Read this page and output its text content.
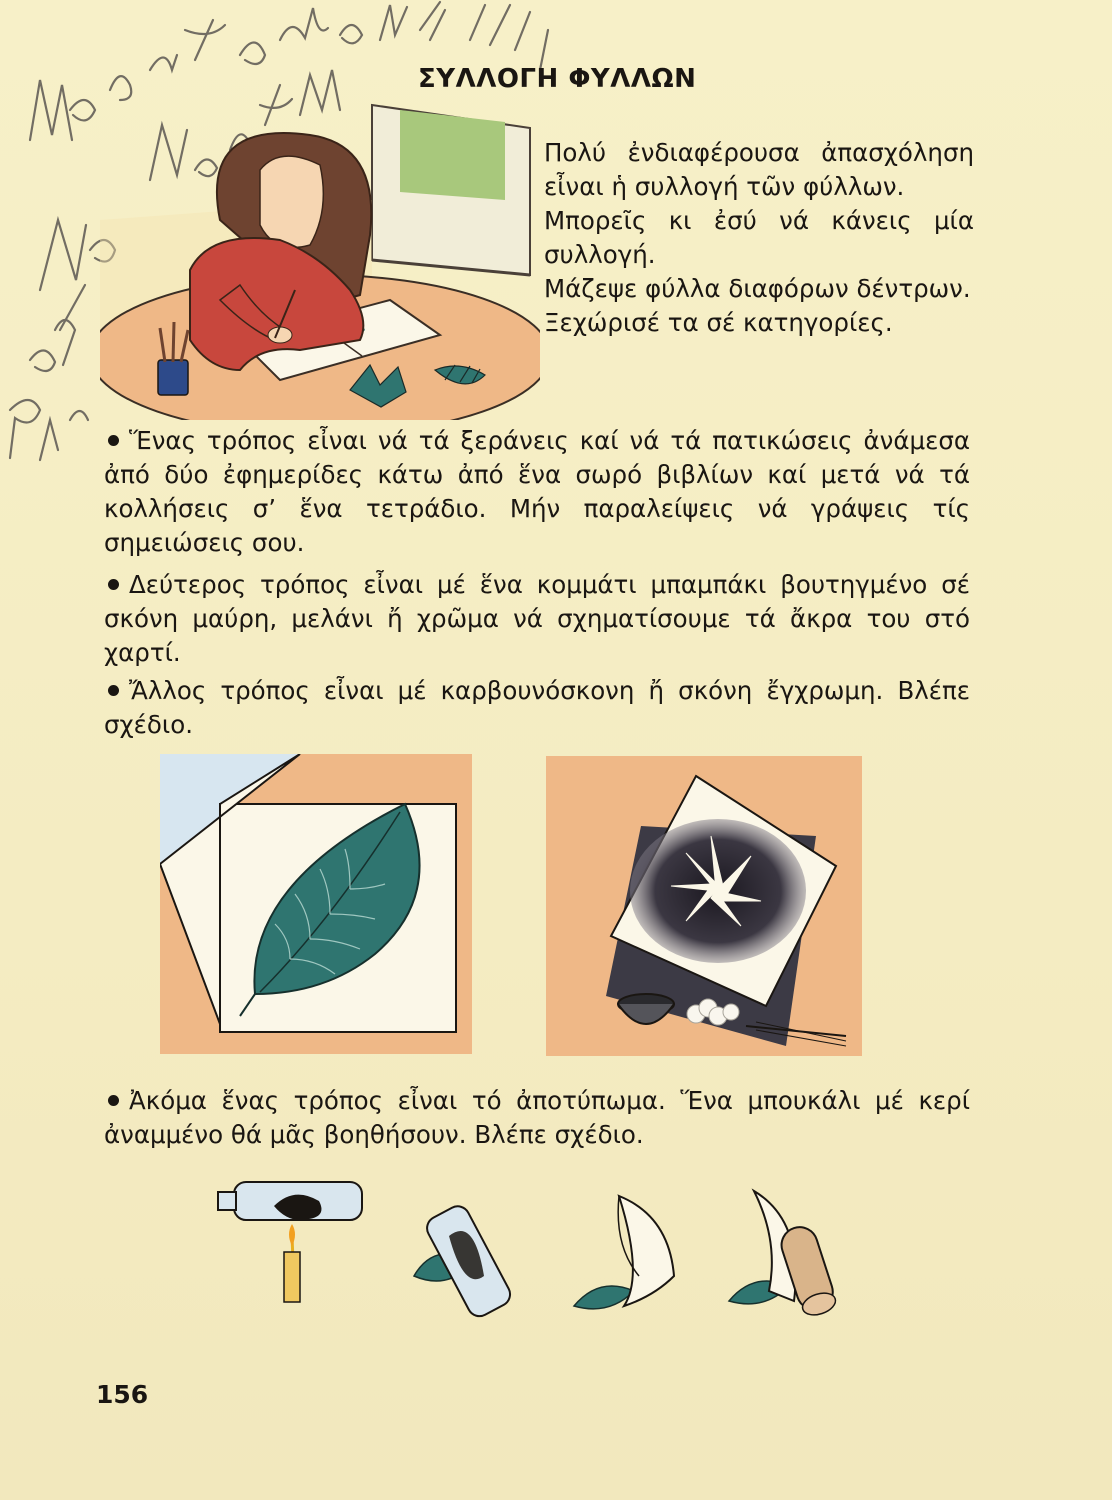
ΣΥΛΛΟΓΗ ΦΥΛΛΩΝ

Πολύ ἐνδιαφέρουσα ἀπασχόληση εἶναι ἡ συλλογή τῶν φύλλων.

Μπορεῖς κι ἐσύ νά κάνεις μία συλλογή.

Μάζεψε φύλλα διαφόρων δέντρων.

Ξεχώρισέ τα σέ κατηγορίες.

Ἕνας τρόπος εἶναι νά τά ξεράνεις καί νά τά πατικώσεις ἀνάμεσα ἀπό δύο ἐφημερίδες κάτω ἀπό ἕνα σωρό βιβλίων καί μετά νά τά κολλήσεις σ’ ἕνα τετράδιο. Μήν παραλείψεις νά γράψεις τίς σημειώσεις σου.
Δεύτερος τρόπος εἶναι μέ ἕνα κομμάτι μπαμπάκι βουτηγμένο σέ σκόνη μαύρη, μελάνι ἤ χρῶμα νά σχηματίσουμε τά ἄκρα του στό χαρτί.
Ἄλλος τρόπος εἶναι μέ καρβουνόσκονη ἤ σκόνη ἔγχρωμη. Βλέπε σχέδιο.
Ἀκόμα ἕνας τρόπος εἶναι τό ἀποτύπωμα. Ἕνα μπουκάλι μέ κερί ἀναμμένο θά μᾶς βοηθήσουν. Βλέπε σχέδιο.
156
